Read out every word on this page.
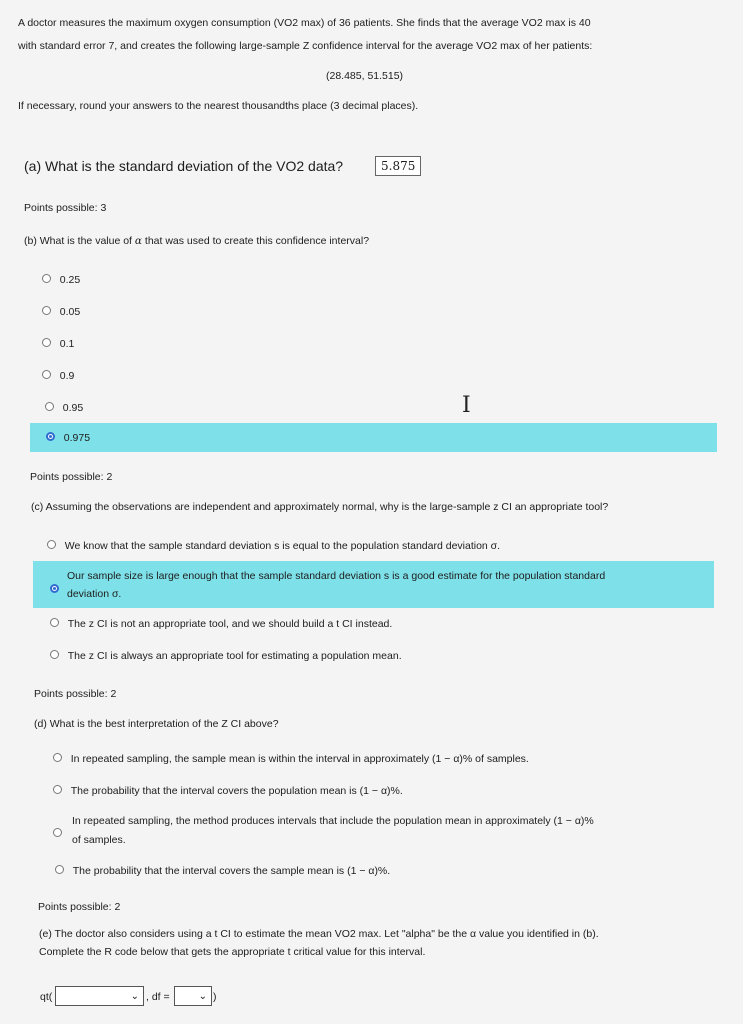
A doctor measures the maximum oxygen consumption (VO2 max) of 36 patients. She finds that the average VO2 max is 40
with standard error 7, and creates the following large-sample Z confidence interval for the average VO2 max of her patients:
(28.485, 51.515)
If necessary, round your answers to the nearest thousandths place (3 decimal places).
(a) What is the standard deviation of the VO2 data?	5.875
Points possible: 3
(b) What is the value of α that was used to create this confidence interval?
0.25
0.05
0.1
0.9
0.95	I
0.975
Points possible: 2
(c) Assuming the observations are independent and approximately normal, why is the large-sample z CI an appropriate tool?
We know that the sample standard deviation s is equal to the population standard deviation σ.
Our sample size is large enough that the sample standard deviation s is a good estimate for the population standard
deviation σ.
The z CI is not an appropriate tool, and we should build a t CI instead.
The z CI is always an appropriate tool for estimating a population mean.
Points possible: 2
(d) What is the best interpretation of the Z CI above?
In repeated sampling, the sample mean is within the interval in approximately (1 − α)% of samples.
The probability that the interval covers the population mean is (1 − α)%.
In repeated sampling, the method produces intervals that include the population mean in approximately (1 − α)%
of samples.
The probability that the interval covers the sample mean is (1 − α)%.
Points possible: 2
(e) The doctor also considers using a t CI to estimate the mean VO2 max. Let "alpha" be the α value you identified in (b).
Complete the R code below that gets the appropriate t critical value for this interval.
qt(	⌄ , df =	⌄ )
